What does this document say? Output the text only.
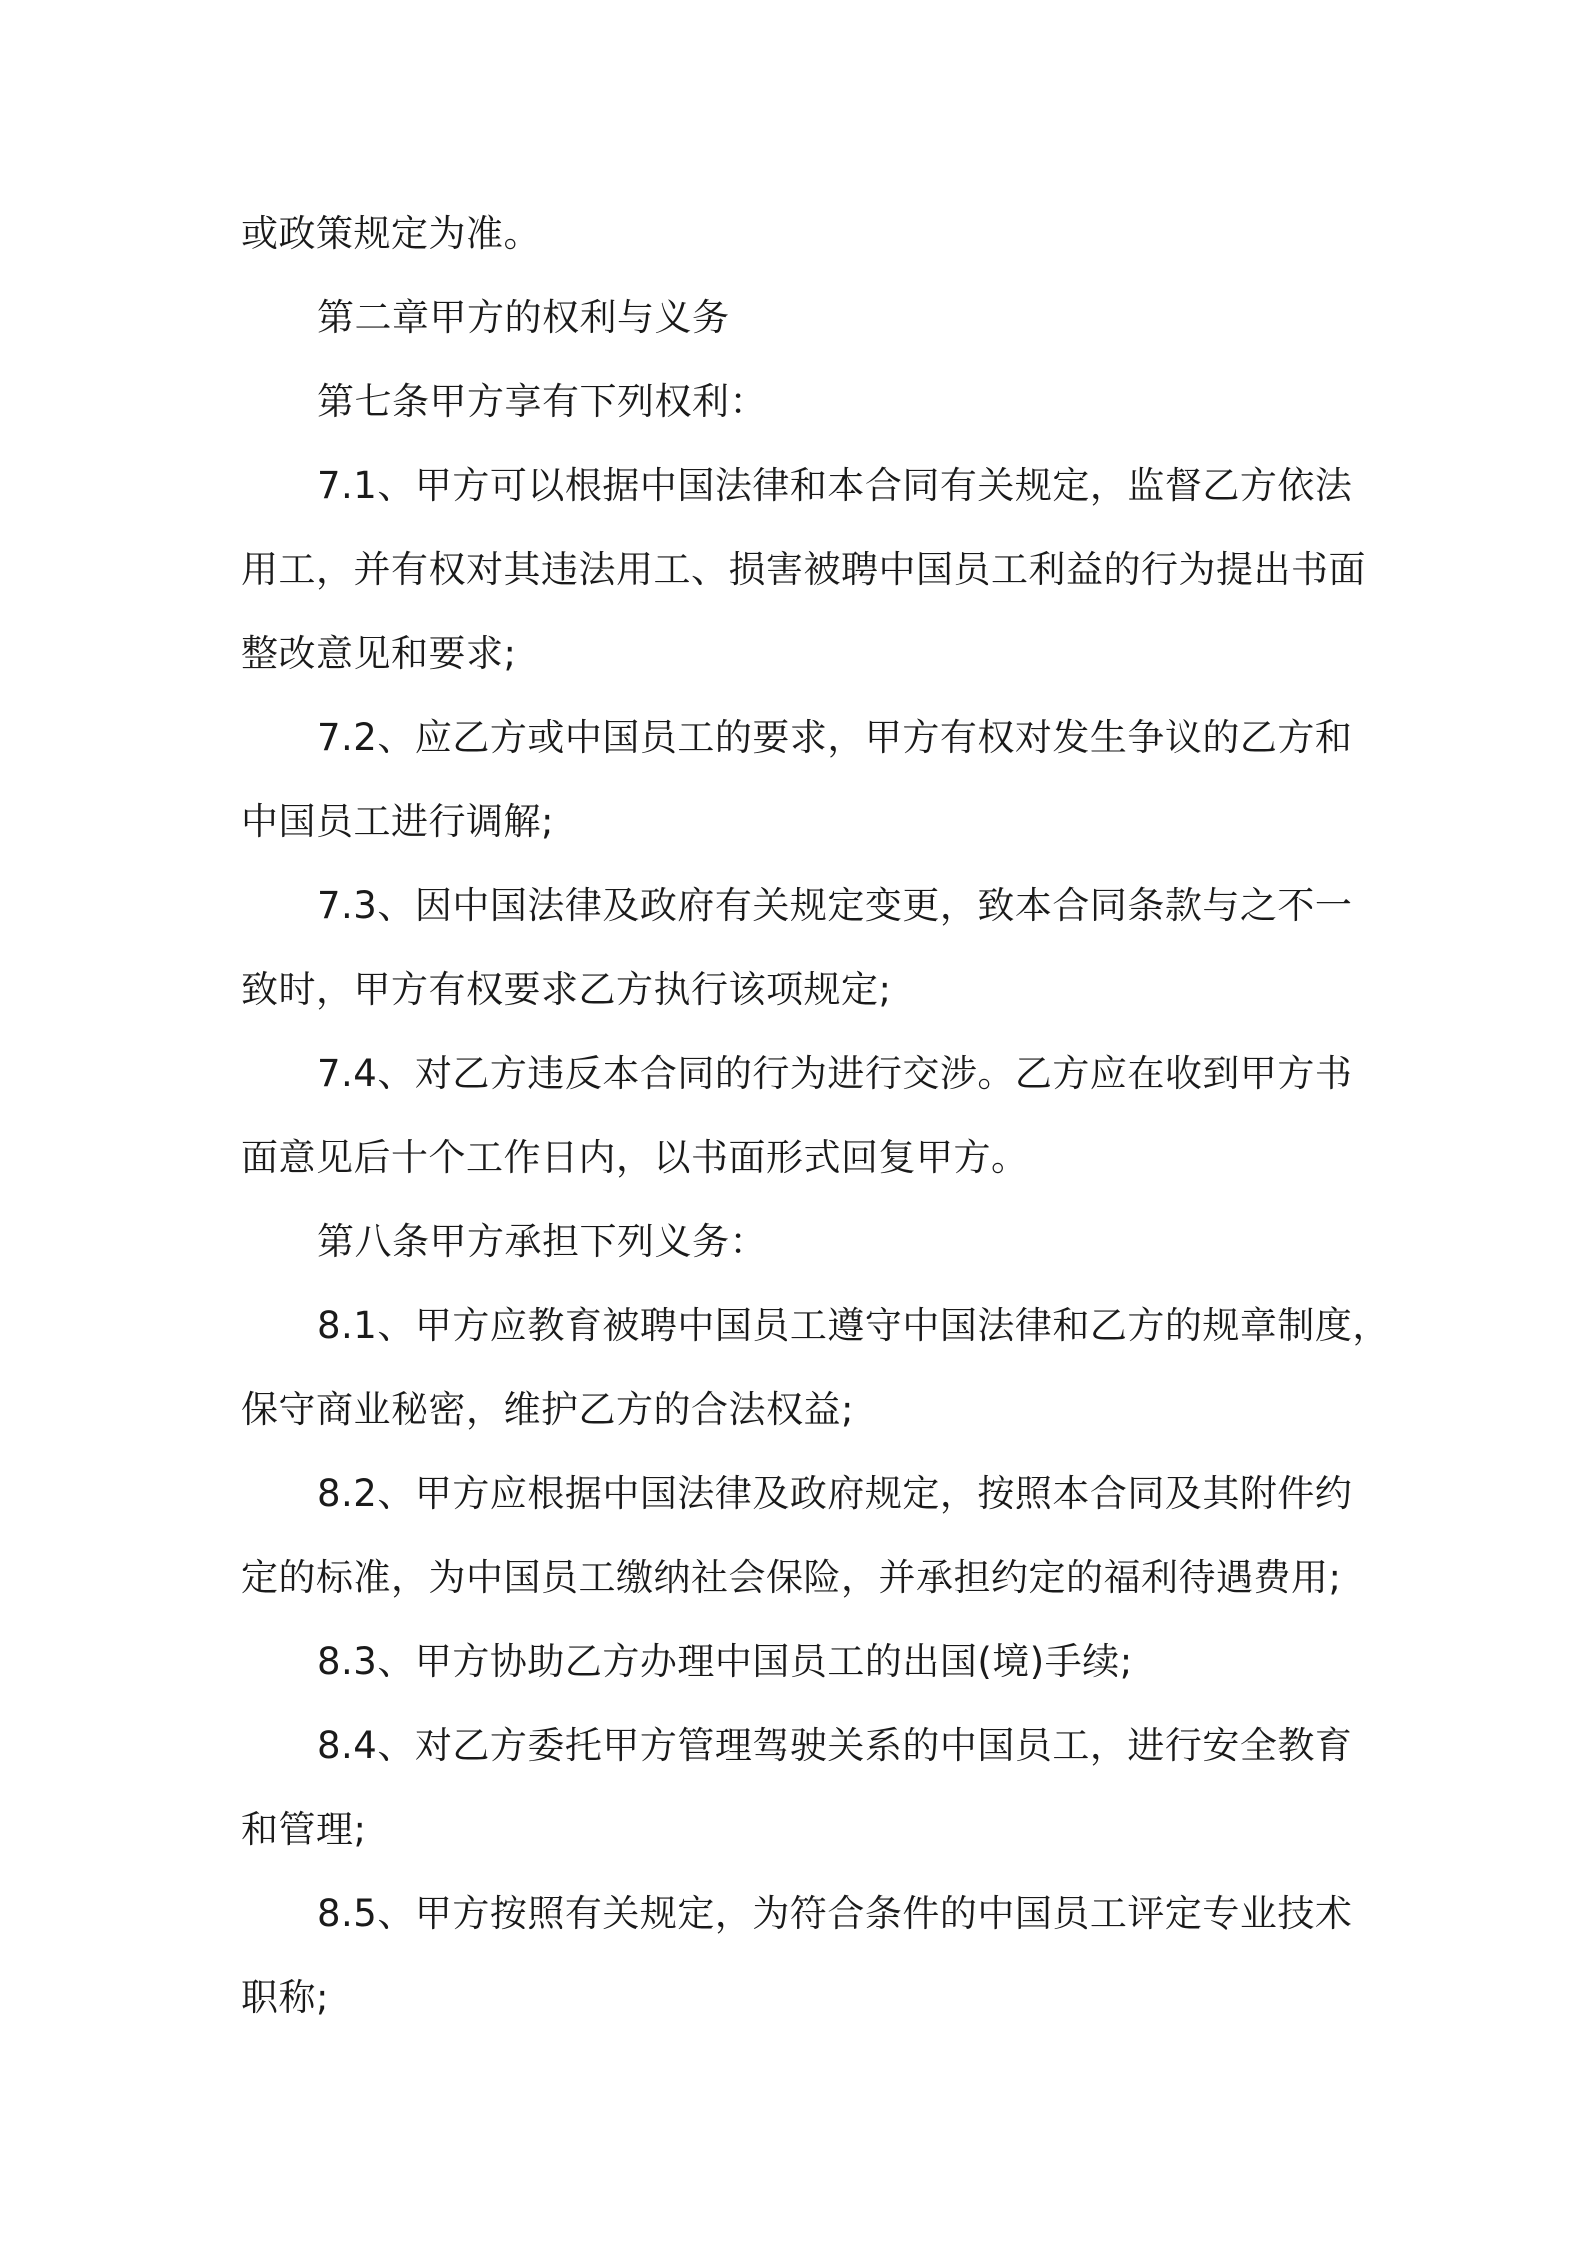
或政策规定为准。
第二章甲方的权利与义务
第七条甲方享有下列权利：
7.1、甲方可以根据中国法律和本合同有关规定，监督乙方依法
用工，并有权对其违法用工、损害被聘中国员工利益的行为提出书面
整改意见和要求;
7.2、应乙方或中国员工的要求，甲方有权对发生争议的乙方和
中国员工进行调解;
7.3、因中国法律及政府有关规定变更，致本合同条款与之不一
致时，甲方有权要求乙方执行该项规定;
7.4、对乙方违反本合同的行为进行交涉。乙方应在收到甲方书
面意见后十个工作日内，以书面形式回复甲方。
第八条甲方承担下列义务：
8.1、甲方应教育被聘中国员工遵守中国法律和乙方的规章制度，
保守商业秘密，维护乙方的合法权益;
8.2、甲方应根据中国法律及政府规定，按照本合同及其附件约
定的标准，为中国员工缴纳社会保险，并承担约定的福利待遇费用;
8.3、甲方协助乙方办理中国员工的出国(境)手续;
8.4、对乙方委托甲方管理驾驶关系的中国员工，进行安全教育
和管理;
8.5、甲方按照有关规定，为符合条件的中国员工评定专业技术
职称;
